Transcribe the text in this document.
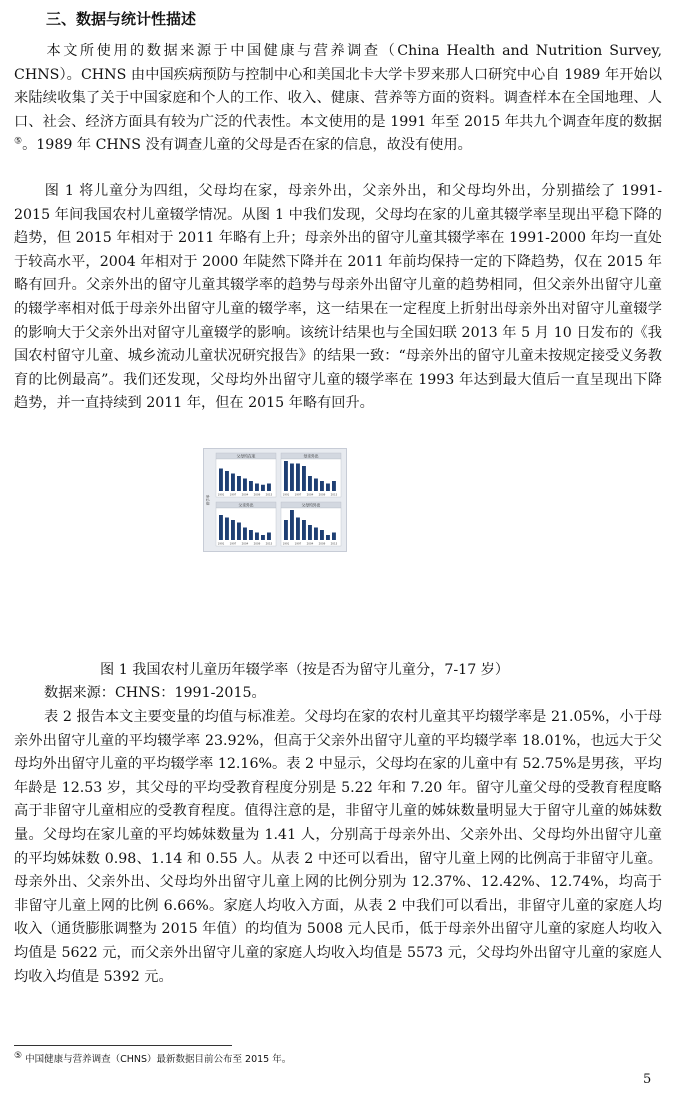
三、数据与统计性描述
本文所使用的数据来源于中国健康与营养调查（China Health and Nutrition Survey, CHNS）。CHNS 由中国疾病预防与控制中心和美国北卡大学卡罗来那人口研究中心自 1989 年开始以来陆续收集了关于中国家庭和个人的工作、收入、健康、营养等方面的资料。调查样本在全国地理、人口、社会、经济方面具有较为广泛的代表性。本文使用的是 1991 年至 2015 年共九个调查年度的数据⑤。1989 年 CHNS 没有调查儿童的父母是否在家的信息，故没有使用。
图 1 将儿童分为四组，父母均在家，母亲外出，父亲外出，和父母均外出，分别描绘了 1991-2015 年间我国农村儿童辍学情况。从图 1 中我们发现，父母均在家的儿童其辍学率呈现出平稳下降的趋势，但 2015 年相对于 2011 年略有上升；母亲外出的留守儿童其辍学率在 1991-2000 年均一直处于较高水平，2004 年相对于 2000 年陡然下降并在 2011 年前均保持一定的下降趋势，仅在 2015 年略有回升。父亲外出的留守儿童其辍学率的趋势与母亲外出留守儿童的趋势相同，但父亲外出留守儿童的辍学率相对低于母亲外出留守儿童的辍学率，这一结果在一定程度上折射出母亲外出对留守儿童辍学的影响大于父亲外出对留守儿童辍学的影响。该统计结果也与全国妇联 2013 年 5 月 10 日发布的《我国农村留守儿童、城乡流动儿童状况研究报告》的结果一致：“母亲外出的留守儿童未按规定接受义务教育的比例最高”。我们还发现，父母均外出留守儿童的辍学率在 1993 年达到最大值后一直呈现出下降趋势，并一直持续到 2011 年，但在 2015 年略有回升。
辍学率
父母均在家
1991 1997 2004 2009 2015
母亲外出
1991 1997 2004 2009 2015
父亲外出
1991 1997 2004 2009 2015
父母均外出
1991 1997 2004 2009 2015
图 1 我国农村儿童历年辍学率（按是否为留守儿童分，7-17 岁）
数据来源：CHNS：1991-2015。
表 2 报告本文主要变量的均值与标准差。父母均在家的农村儿童其平均辍学率是 21.05%，小于母亲外出留守儿童的平均辍学率 23.92%，但高于父亲外出留守儿童的平均辍学率 18.01%，也远大于父母均外出留守儿童的平均辍学率 12.16%。表 2 中显示，父母均在家的儿童中有 52.75%是男孩，平均年龄是 12.53 岁，其父母的平均受教育程度分别是 5.22 年和 7.20 年。留守儿童父母的受教育程度略高于非留守儿童相应的受教育程度。值得注意的是，非留守儿童的姊妹数量明显大于留守儿童的姊妹数量。父母均在家儿童的平均姊妹数量为 1.41 人，分别高于母亲外出、父亲外出、父母均外出留守儿童的平均姊妹数 0.98、1.14 和 0.55 人。从表 2 中还可以看出，留守儿童上网的比例高于非留守儿童。母亲外出、父亲外出、父母均外出留守儿童上网的比例分别为 12.37%、12.42%、12.74%，均高于非留守儿童上网的比例 6.66%。家庭人均收入方面，从表 2 中我们可以看出，非留守儿童的家庭人均收入（通货膨胀调整为 2015 年值）的均值为 5008 元人民币，低于母亲外出留守儿童的家庭人均收入均值是 5622 元，而父亲外出留守儿童的家庭人均收入均值是 5573 元，父母均外出留守儿童的家庭人均收入均值是 5392 元。
⑤ 中国健康与营养调查（CHNS）最新数据目前公布至 2015 年。
5
